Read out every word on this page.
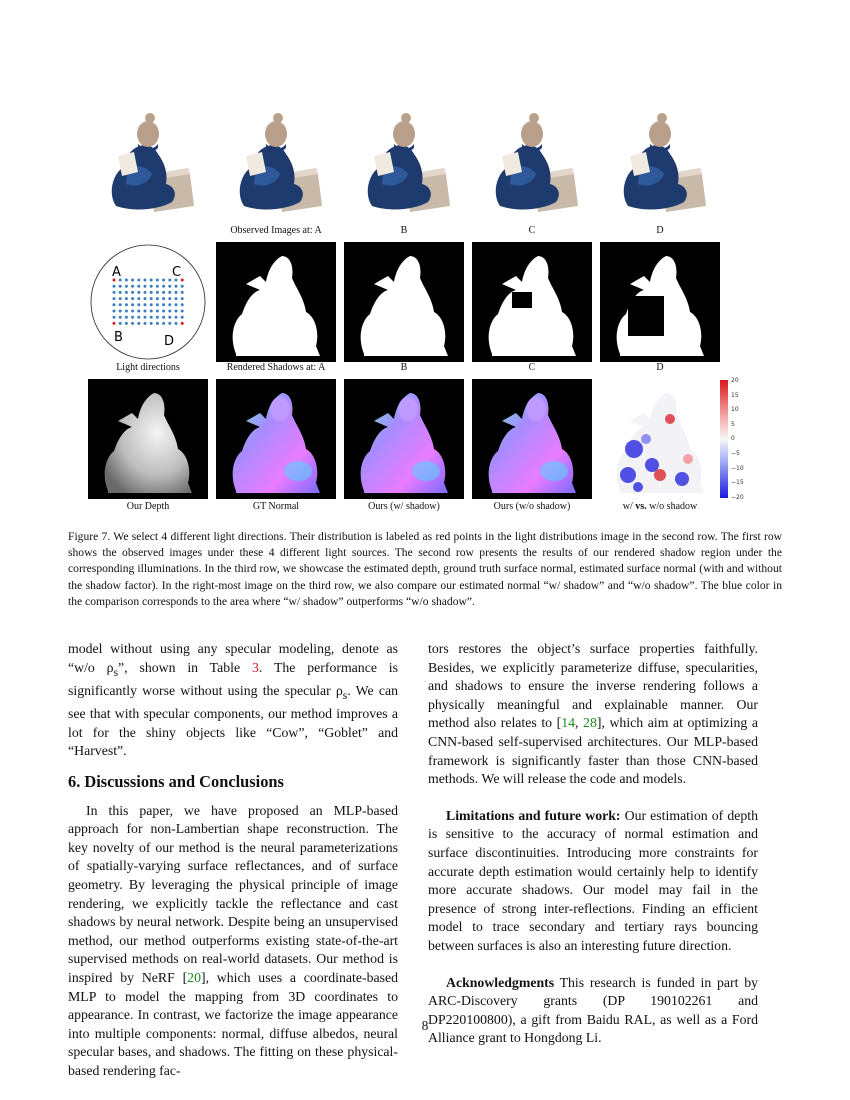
Observed Images at: A	B	C	D
A	C
B	D
Light directions	Rendered Shadows at: A	B	C	D
20
15
10
5
0
−5
−10
−15
−20
Our Depth	GT Normal	Ours (w/ shadow)	Ours (w/o shadow)	w/ vs. w/o shadow
Figure 7. We select 4 different light directions. Their distribution is labeled as red points in the light distributions image in the second row. The first row shows the observed images under these 4 different light sources. The second row presents the results of our rendered shadow region under the corresponding illuminations. In the third row, we showcase the estimated depth, ground truth surface normal, estimated surface normal (with and without the shadow factor). In the right-most image on the third row, we also compare our estimated normal “w/ shadow” and “w/o shadow”. The blue color in the comparison corresponds to the area where “w/ shadow” outperforms “w/o shadow”.

model without using any specular modeling, denote as “w/o $\rho_s$”, shown in Table 3. The performance is significantly worse without using the specular $\rho_s$. We can see that with specular components, our method improves a lot for the shiny objects like “Cow”, “Goblet” and “Harvest”.

6. Discussions and Conclusions

In this paper, we have proposed an MLP-based approach for non-Lambertian shape reconstruction. The key novelty of our method is the neural parameterizations of spatially-varying surface reflectances, and of surface geometry. By leveraging the physical principle of image rendering, we explicitly tackle the reflectance and cast shadows by neural network. Despite being an unsupervised method, our method outperforms existing state-of-the-art supervised methods on real-world datasets. Our method is inspired by NeRF [20], which uses a coordinate-based MLP to model the mapping from 3D coordinates to appearance. In contrast, we factorize the image appearance into multiple components: normal, diffuse albedos, neural specular bases, and shadows. The fitting on these physical-based rendering fac-

tors restores the object’s surface properties faithfully. Besides, we explicitly parameterize diffuse, specularities, and shadows to ensure the inverse rendering follows a physically meaningful and explainable manner. Our method also relates to [14, 28], which aim at optimizing a CNN-based self-supervised architectures. Our MLP-based framework is significantly faster than those CNN-based methods. We will release the code and models.

Limitations and future work: Our estimation of depth is sensitive to the accuracy of normal estimation and surface discontinuities. Introducing more constraints for accurate depth estimation would certainly help to identify more accurate shadows. Our model may fail in the presence of strong inter-reflections. Finding an efficient model to trace secondary and tertiary rays bouncing between surfaces is also an interesting future direction.

Acknowledgments This research is funded in part by ARC-Discovery grants (DP 190102261 and DP220100800), a gift from Baidu RAL, as well as a Ford Alliance grant to Hongdong Li.

8
